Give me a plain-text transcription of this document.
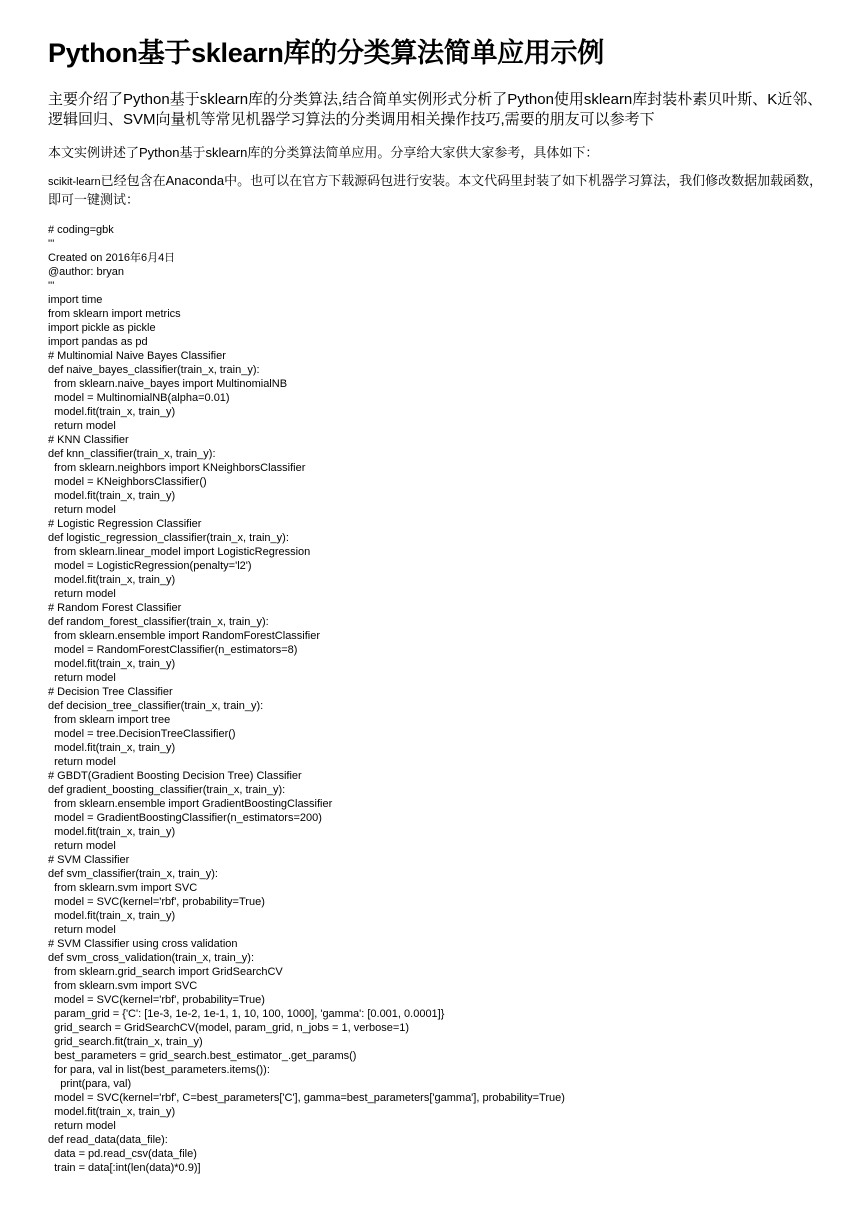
Python基于sklearn库的分类算法简单应用示例

主要介绍了Python基于sklearn库的分类算法,结合简单实例形式分析了Python使用sklearn库封装朴素贝叶斯、K近邻、逻辑回归、SVM向量机等常见机器学习算法的分类调用相关操作技巧,需要的朋友可以参考下

本文实例讲述了Python基于sklearn库的分类算法简单应用。分享给大家供大家参考，具体如下：

scikit-learn已经包含在Anaconda中。也可以在官方下载源码包进行安装。本文代码里封装了如下机器学习算法，我们修改数据加载函数，即可一键测试：

# coding=gbk
'''
Created on 2016年6月4日
@author: bryan
'''
import time
from sklearn import metrics
import pickle as pickle
import pandas as pd
# Multinomial Naive Bayes Classifier
def naive_bayes_classifier(train_x, train_y):
from sklearn.naive_bayes import MultinomialNB
model = MultinomialNB(alpha=0.01)
model.fit(train_x, train_y)
return model
# KNN Classifier
def knn_classifier(train_x, train_y):
from sklearn.neighbors import KNeighborsClassifier
model = KNeighborsClassifier()
model.fit(train_x, train_y)
return model
# Logistic Regression Classifier
def logistic_regression_classifier(train_x, train_y):
from sklearn.linear_model import LogisticRegression
model = LogisticRegression(penalty='l2')
model.fit(train_x, train_y)
return model
# Random Forest Classifier
def random_forest_classifier(train_x, train_y):
from sklearn.ensemble import RandomForestClassifier
model = RandomForestClassifier(n_estimators=8)
model.fit(train_x, train_y)
return model
# Decision Tree Classifier
def decision_tree_classifier(train_x, train_y):
from sklearn import tree
model = tree.DecisionTreeClassifier()
model.fit(train_x, train_y)
return model
# GBDT(Gradient Boosting Decision Tree) Classifier
def gradient_boosting_classifier(train_x, train_y):
from sklearn.ensemble import GradientBoostingClassifier
model = GradientBoostingClassifier(n_estimators=200)
model.fit(train_x, train_y)
return model
# SVM Classifier
def svm_classifier(train_x, train_y):
from sklearn.svm import SVC
model = SVC(kernel='rbf', probability=True)
model.fit(train_x, train_y)
return model
# SVM Classifier using cross validation
def svm_cross_validation(train_x, train_y):
from sklearn.grid_search import GridSearchCV
from sklearn.svm import SVC
model = SVC(kernel='rbf', probability=True)
param_grid = {'C': [1e-3, 1e-2, 1e-1, 1, 10, 100, 1000], 'gamma': [0.001, 0.0001]}
grid_search = GridSearchCV(model, param_grid, n_jobs = 1, verbose=1)
grid_search.fit(train_x, train_y)
best_parameters = grid_search.best_estimator_.get_params()
for para, val in list(best_parameters.items()):
print(para, val)
model = SVC(kernel='rbf', C=best_parameters['C'], gamma=best_parameters['gamma'], probability=True)
model.fit(train_x, train_y)
return model
def read_data(data_file):
data = pd.read_csv(data_file)
train = data[:int(len(data)*0.9)]
